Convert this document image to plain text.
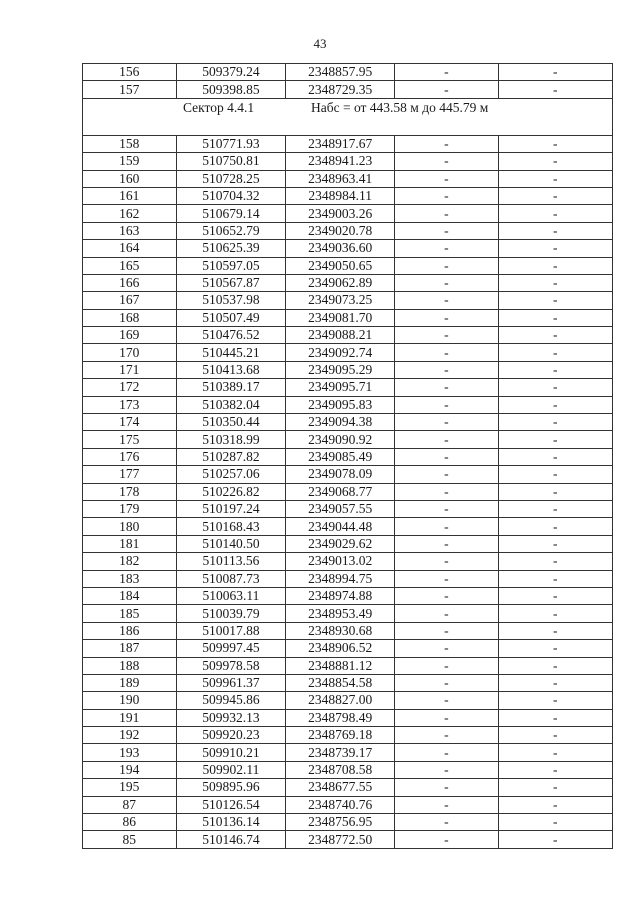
43
156	509379.24	2348857.95	-	-
157	509398.85	2348729.35	-	-

Сектор 4.4.1 Набс = от 443.58 м до 445.79 м				

158	510771.93	2348917.67	-	-
159	510750.81	2348941.23	-	-
160	510728.25	2348963.41	-	-
161	510704.32	2348984.11	-	-
162	510679.14	2349003.26	-	-
163	510652.79	2349020.78	-	-
164	510625.39	2349036.60	-	-
165	510597.05	2349050.65	-	-
166	510567.87	2349062.89	-	-
167	510537.98	2349073.25	-	-
168	510507.49	2349081.70	-	-
169	510476.52	2349088.21	-	-
170	510445.21	2349092.74	-	-
171	510413.68	2349095.29	-	-
172	510389.17	2349095.71	-	-
173	510382.04	2349095.83	-	-
174	510350.44	2349094.38	-	-
175	510318.99	2349090.92	-	-
176	510287.82	2349085.49	-	-
177	510257.06	2349078.09	-	-
178	510226.82	2349068.77	-	-
179	510197.24	2349057.55	-	-
180	510168.43	2349044.48	-	-
181	510140.50	2349029.62	-	-
182	510113.56	2349013.02	-	-
183	510087.73	2348994.75	-	-
184	510063.11	2348974.88	-	-
185	510039.79	2348953.49	-	-
186	510017.88	2348930.68	-	-
187	509997.45	2348906.52	-	-
188	509978.58	2348881.12	-	-
189	509961.37	2348854.58	-	-
190	509945.86	2348827.00	-	-
191	509932.13	2348798.49	-	-
192	509920.23	2348769.18	-	-
193	509910.21	2348739.17	-	-
194	509902.11	2348708.58	-	-
195	509895.96	2348677.55	-	-
87	510126.54	2348740.76	-	-
86	510136.14	2348756.95	-	-
85	510146.74	2348772.50	-	-
